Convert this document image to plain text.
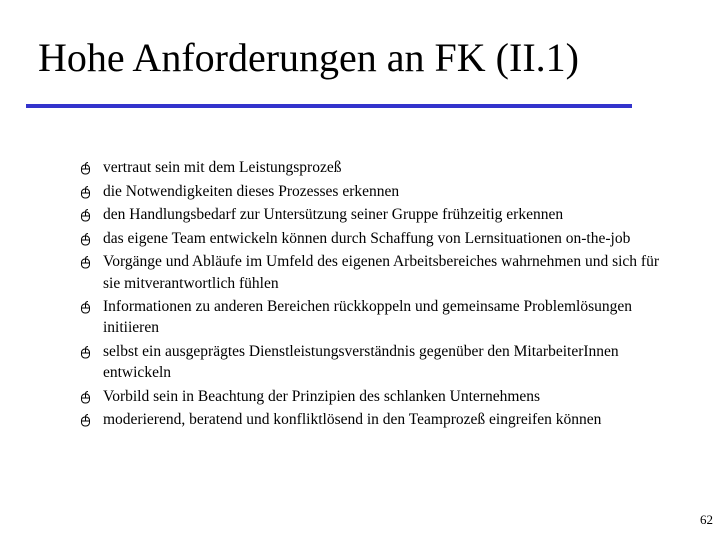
Hohe Anforderungen an FK (II.1)
vertraut sein mit dem Leistungsprozeß
die Notwendigkeiten dieses Prozesses erkennen
den Handlungsbedarf zur Untersützung seiner Gruppe frühzeitig erkennen
das eigene Team entwickeln können durch Schaffung von Lernsituationen on-the-job
Vorgänge und Abläufe im Umfeld des eigenen Arbeitsbereiches wahrnehmen und sich für sie mitverantwortlich fühlen
Informationen zu anderen Bereichen rückkoppeln und gemeinsame Problemlösungen initiieren
selbst ein ausgeprägtes Dienstleistungsverständnis gegenüber den MitarbeiterInnen entwickeln
Vorbild sein in Beachtung der Prinzipien des schlanken Unternehmens
moderierend, beratend und konfliktlösend in den Teamprozeß eingreifen können
62
